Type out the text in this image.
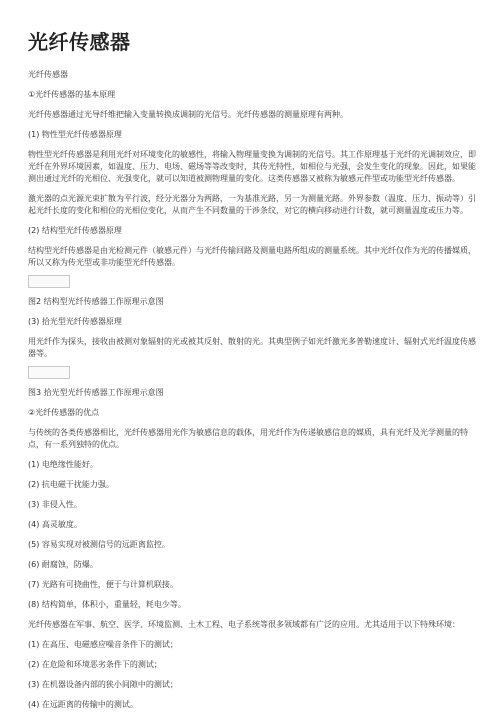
光纤传感器

光纤传感器

①光纤传感器的基本原理

光纤传感器通过光导纤维把输入变量转换成调制的光信号。光纤传感器的测量原理有两种。

(1) 物性型光纤传感器原理

物性型光纤传感器是利用光纤对环境变化的敏感性，将输入物理量变换为调制的光信号。其工作原理基于光纤的光调制效应，即光纤在外界环境因素，如温度、压力、电场、磁场等等改变时，其传光特性，如相位与光强，会发生变化的现象。因此，如果能测出通过光纤的光相位、光强变化，就可以知道被测物理量的变化。这类传感器又被称为敏感元件型或功能型光纤传感器。

激光器的点光源光束扩散为平行波，经分光器分为两路，一为基准光路，另一为测量光路。外界参数（温度、压力、振动等）引起光纤长度的变化和相位的光相位变化，从而产生不同数量的干涉条纹，对它的横向移动进行计数，就可测量温度或压力等。

(2) 结构型光纤传感器原理

结构型光纤传感器是由光检测元件（敏感元件）与光纤传输回路及测量电路所组成的测量系统。其中光纤仅作为光的传播媒质，所以又称为传光型或非功能型光纤传感器。

图2 结构型光纤传感器工作原理示意图

(3) 拾光型光纤传感器原理

用光纤作为探头，接收由被测对象辐射的光或被其反射、散射的光。其典型例子如光纤激光多普勒速度计、辐射式光纤温度传感器等。

图3 拾光型光纤传感器工作原理示意图

②光纤传感器的优点

与传统的各类传感器相比，光纤传感器用光作为敏感信息的载体，用光纤作为传递敏感信息的媒质，具有光纤及光学测量的特点，有一系列独特的优点。

(1) 电绝缘性能好。

(2) 抗电磁干扰能力强。

(3) 非侵入性。

(4) 高灵敏度。

(5) 容易实现对被测信号的远距离监控。

(6) 耐腐蚀，防爆。

(7) 光路有可挠曲性，便于与计算机联接。

(8) 结构简单，体积小，重量轻，耗电少等。

光纤传感器在军事、航空、医学、环境监测、土木工程、电子系统等很多领域都有广泛的应用。尤其适用于以下特殊环境：

(1) 在高压、电磁感应噪音条件下的测试；

(2) 在危险和环境恶劣条件下的测试；

(3) 在机器设备内部的狭小间隙中的测试；

(4) 在远距离的传输中的测试。
